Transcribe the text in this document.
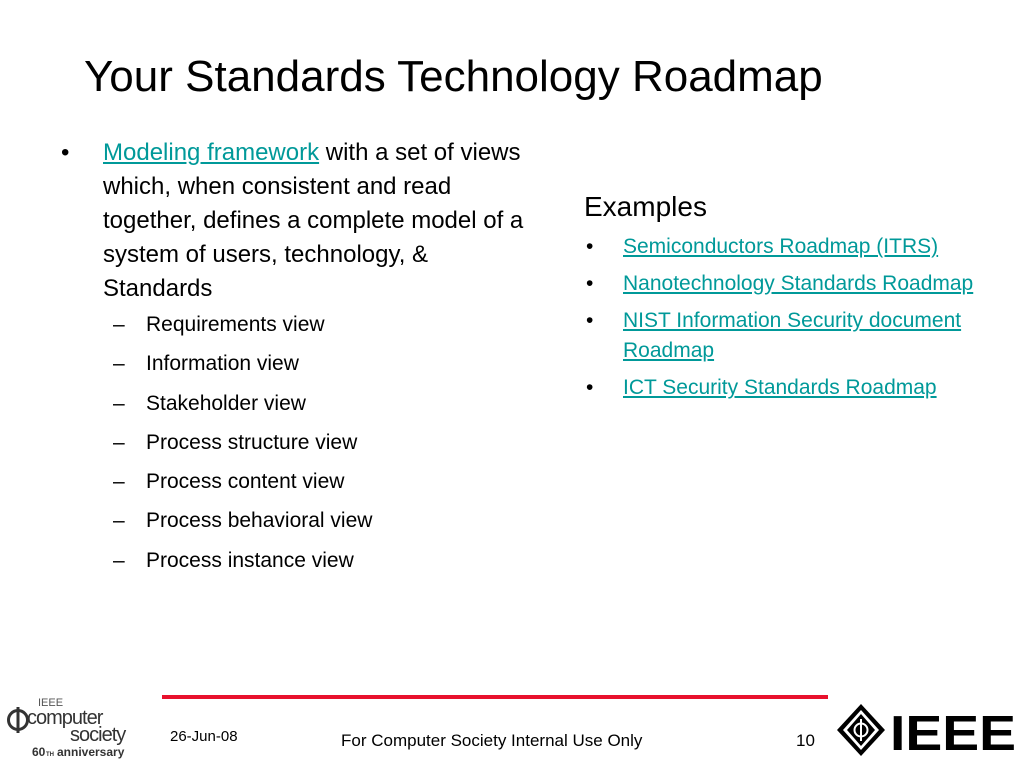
Your Standards Technology Roadmap
•	Modeling framework with a set of views which, when consistent and read together, defines a complete model of a system of users, technology, & Standards
–	Requirements view
–	Information view
–	Stakeholder view
–	Process structure view
–	Process content view
–	Process behavioral view
–	Process instance view
Examples
•	Semiconductors Roadmap (ITRS)
•	Nanotechnology Standards Roadmap
•	NIST Information Security document Roadmap
•	ICT Security Standards Roadmap
IEEE
computer
society
60 TH anniversary
26-Jun-08	For Computer Society Internal Use Only	10 IEEE
